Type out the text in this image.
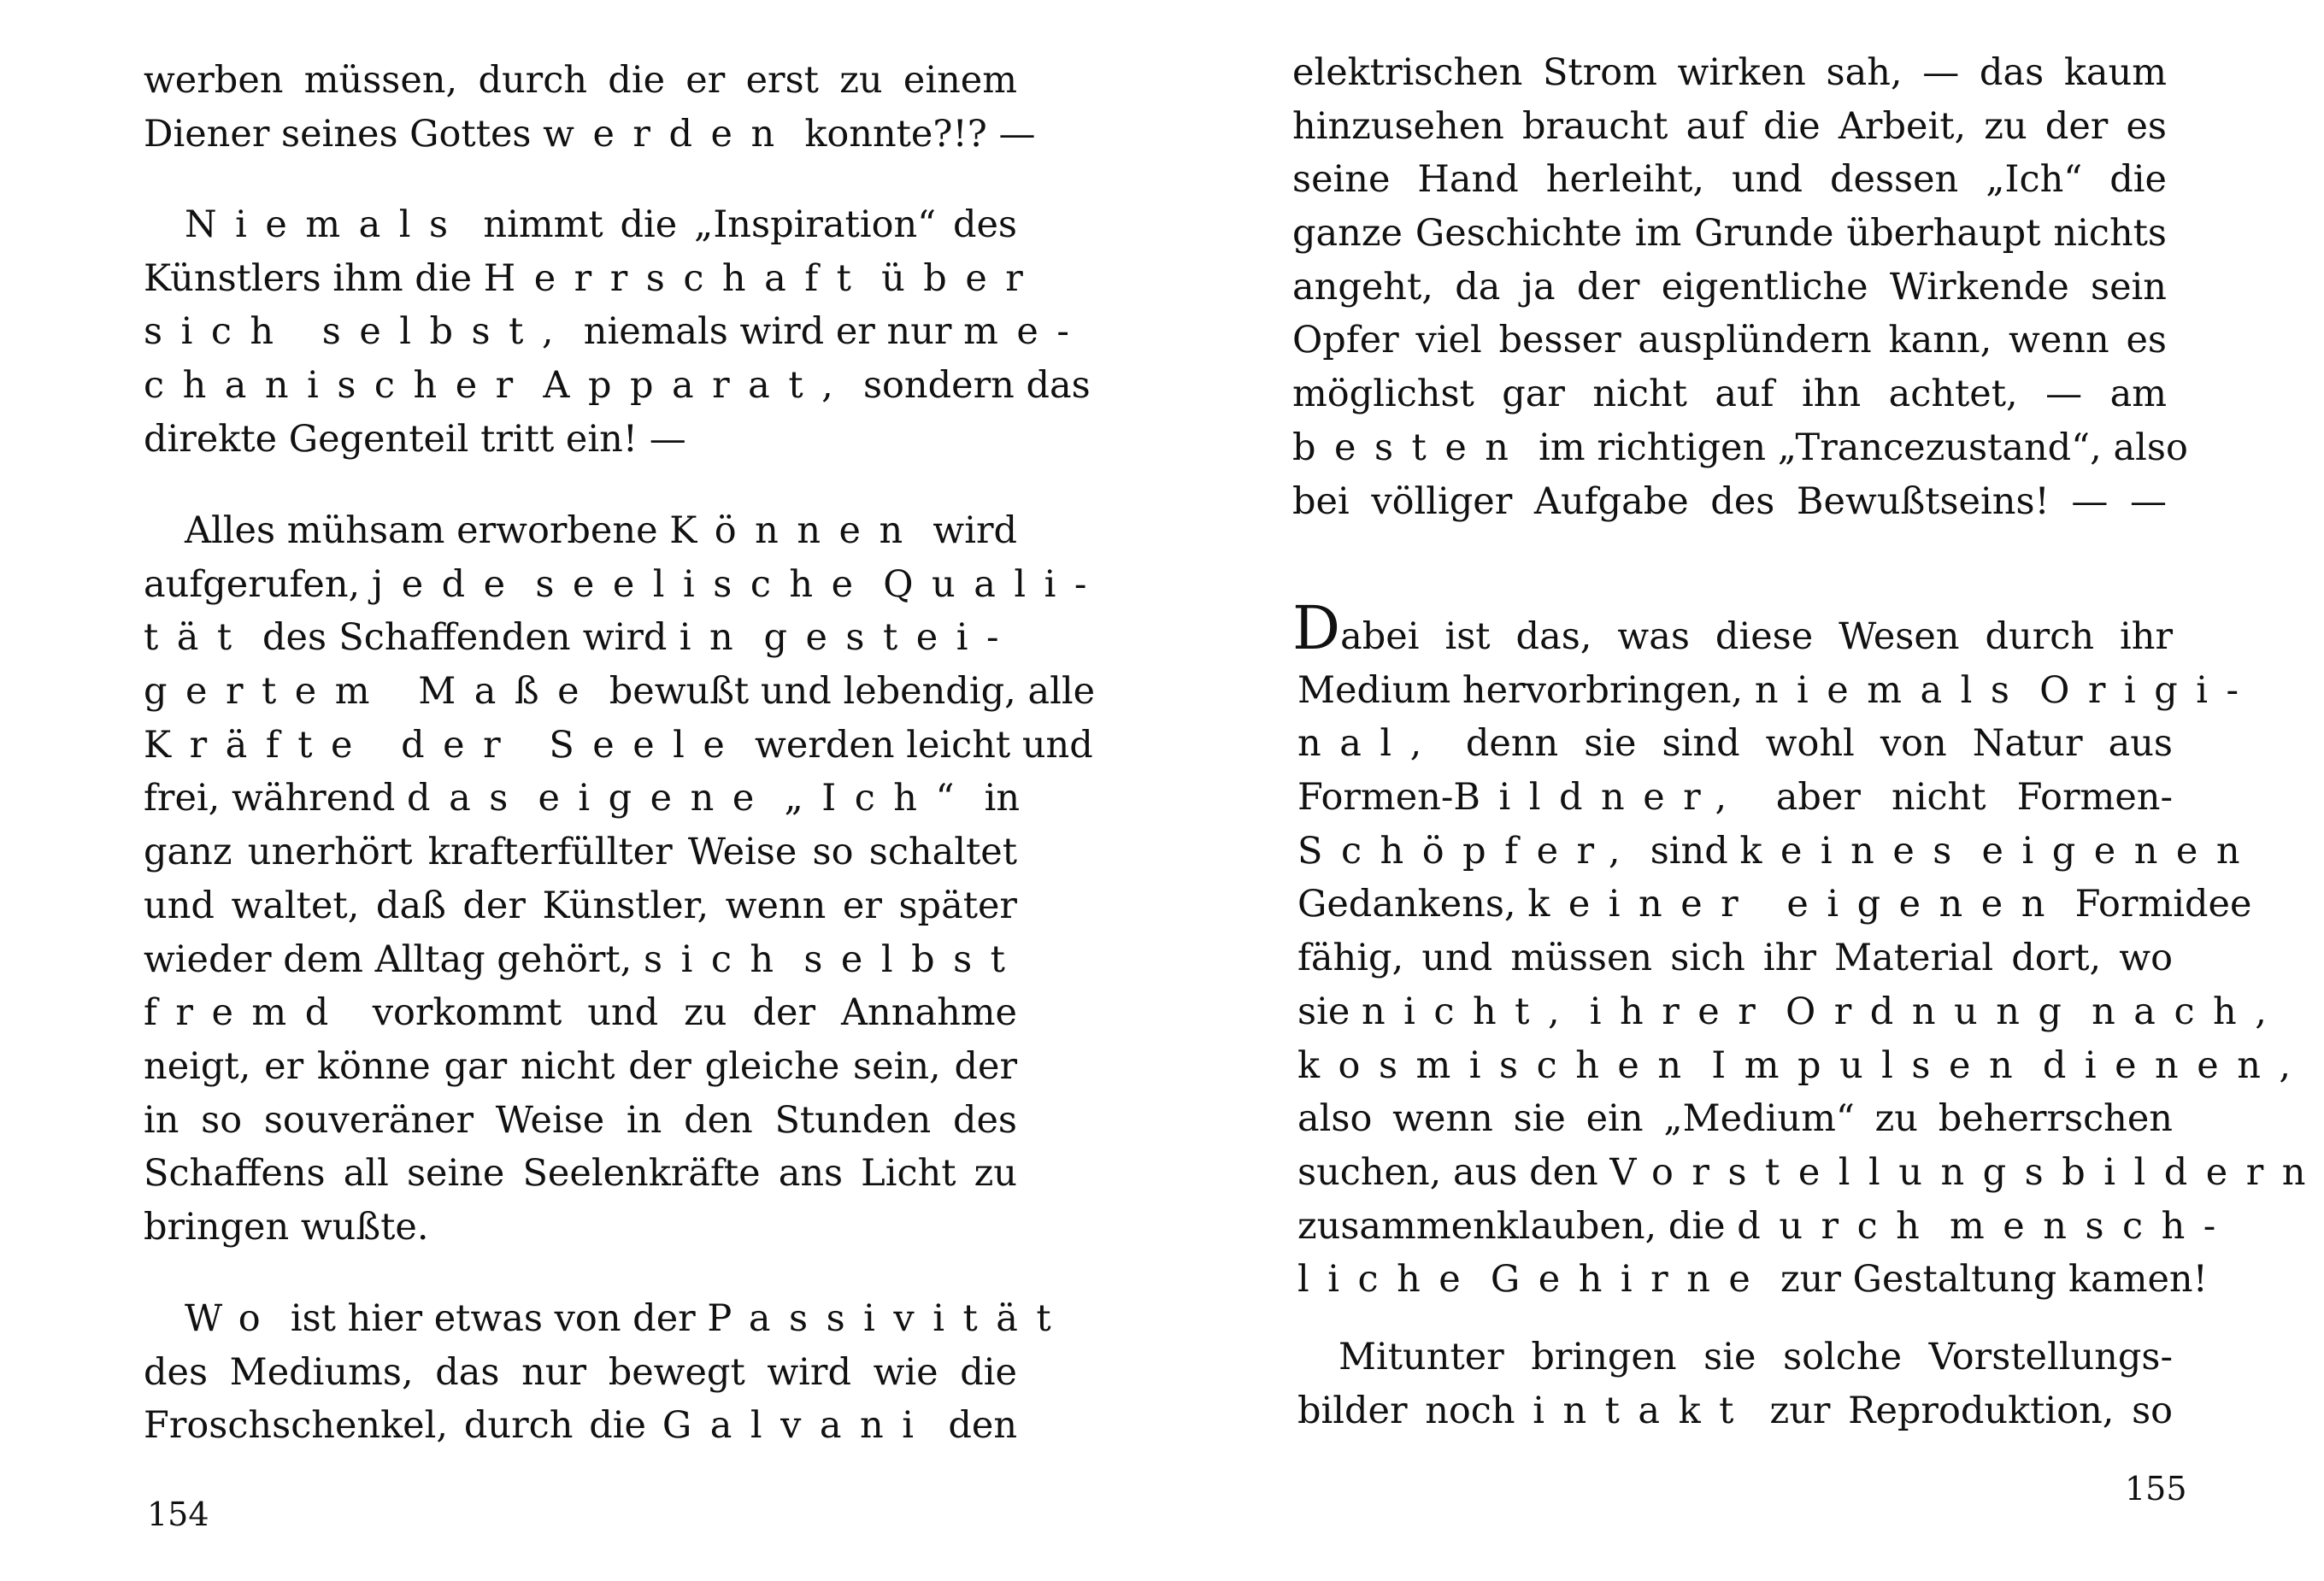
werben müssen, durch die er erst zu einem
Diener seines Gottes werden konnte?!? —
Niemals nimmt die „Inspiration“ des
Künstlers ihm die Herrschaft über
sich selbst, niemals wird er nur me-
chanischer Apparat, sondern das
direkte Gegenteil tritt ein! —
Alles mühsam erworbene Können wird
aufgerufen, jede seelische Quali-
tät des Schaffenden wird in gestei-
gertem Maße bewußt und lebendig, alle
Kräfte der Seele werden leicht und
frei, während das eigene „Ich“ in
ganz unerhört krafterfüllter Weise so schaltet
und waltet, daß der Künstler, wenn er später
wieder dem Alltag gehört, sich selbst
fremd vorkommt und zu der Annahme
neigt, er könne gar nicht der gleiche sein, der
in so souveräner Weise in den Stunden des
Schaffens all seine Seelenkräfte ans Licht zu
bringen wußte.
Wo ist hier etwas von der Passivität
des Mediums, das nur bewegt wird wie die
Froschschenkel, durch die Galvani den
154
elektrischen Strom wirken sah, — das kaum
hinzusehen braucht auf die Arbeit, zu der es
seine Hand herleiht, und dessen „Ich“ die
ganze Geschichte im Grunde überhaupt nichts
angeht, da ja der eigentliche Wirkende sein
Opfer viel besser ausplündern kann, wenn es
möglichst gar nicht auf ihn achtet, — am
besten im richtigen „Trancezustand“, also
bei völliger Aufgabe des Bewußtseins! — —
Dabei ist das, was diese Wesen durch ihr
Medium hervorbringen, niemals Origi-
nal, denn sie sind wohl von Natur aus
Formen-Bildner, aber nicht Formen-
Schöpfer, sind keines eigenen
Gedankens, keiner eigenen Formidee
fähig, und müssen sich ihr Material dort, wo
sie nicht, ihrer Ordnung nach,
kosmischen Impulsen dienen,
also wenn sie ein „Medium“ zu beherrschen
suchen, aus den Vorstellungsbildern
zusammenklauben, die durch mensch-
liche Gehirne zur Gestaltung kamen!
Mitunter bringen sie solche Vorstellungs-
bilder noch intakt zur Reproduktion, so
155
